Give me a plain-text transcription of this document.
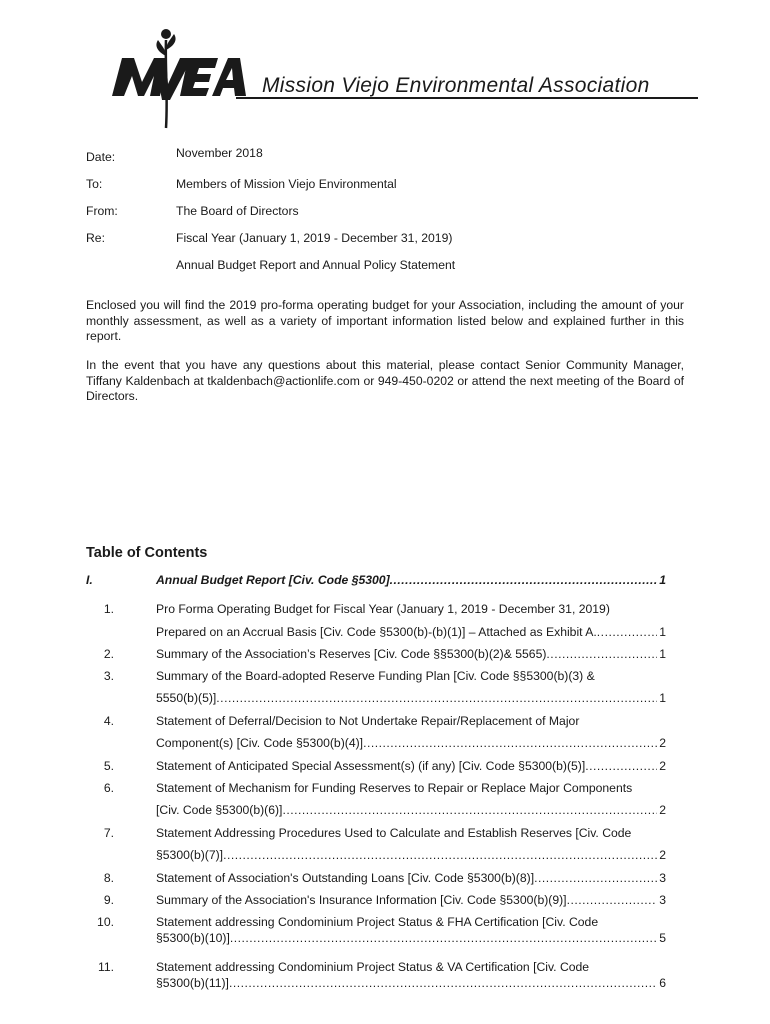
Mission Viejo Environmental Association
Date:	November 2018
To:	Members of Mission Viejo Environmental
From:	The Board of Directors
Re:	Fiscal Year (January 1, 2019 - December 31, 2019)
Annual Budget Report and Annual Policy Statement

Enclosed you will find the 2019 pro-forma operating budget for your Association, including the amount of your monthly assessment, as well as a variety of important information listed below and explained further in this report.

In the event that you have any questions about this material, please contact Senior Community Manager, Tiffany Kaldenbach at tkaldenbach@actionlife.com or 949-450-0202 or attend the next meeting of the Board of Directors.

Table of Contents
I.	Annual Budget Report [Civ. Code §5300] .....	1
1.	Pro Forma Operating Budget for Fiscal Year (January 1, 2019 - December 31, 2019)
Prepared on an Accrual Basis [Civ. Code §5300(b)-(b)(1)] – Attached as Exhibit A. .....	1
2.	Summary of the Association’s Reserves [Civ. Code §§5300(b)(2)& 5565) .....	1
3.	Summary of the Board-adopted Reserve Funding Plan [Civ. Code §§5300(b)(3) &
5550(b)(5)] .....	1
4.	Statement of Deferral/Decision to Not Undertake Repair/Replacement of Major
Component(s) [Civ. Code §5300(b)(4)] .....	2
5.	Statement of Anticipated Special Assessment(s) (if any) [Civ. Code §5300(b)(5)] .....	2
6.	Statement of Mechanism for Funding Reserves to Repair or Replace Major Components
[Civ. Code §5300(b)(6)] .....	2
7.	Statement Addressing Procedures Used to Calculate and Establish Reserves [Civ. Code
§5300(b)(7)] .....	2
8.	Statement of Association's Outstanding Loans [Civ. Code §5300(b)(8)] .....	3
9.	Summary of the Association's Insurance Information [Civ. Code §5300(b)(9)] .....	3
10.	Statement addressing Condominium Project Status & FHA Certification [Civ. Code
§5300(b)(10)] .....	5
11.	Statement addressing Condominium Project Status & VA Certification [Civ. Code
§5300(b)(11)] .....	6
